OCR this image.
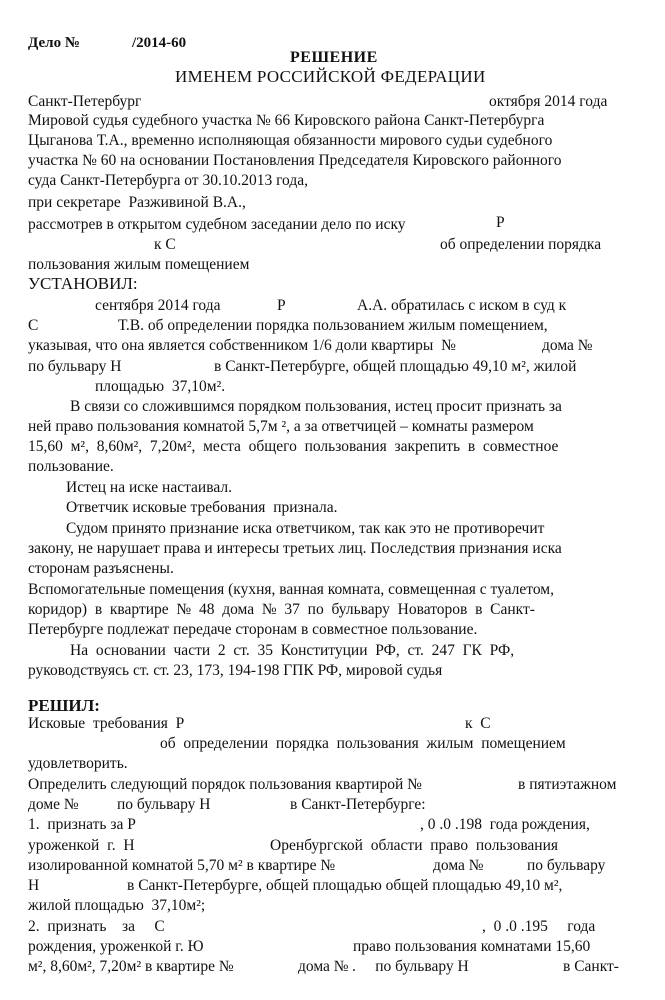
Дело №	/2014-60
РЕШЕНИЕ
ИМЕНЕМ РОССИЙСКОЙ ФЕДЕРАЦИИ
Санкт-Петербург	октября 2014 года
Мировой судья судебного участка № 66 Кировского района Санкт-Петербурга
Цыганова Т.А., временно исполняющая обязанности мирового судьи судебного
участка № 60 на основании Постановления Председателя Кировского районного
суда Санкт-Петербурга от 30.10.2013 года,
при секретаре  Разживиной В.А.,
рассмотрев в открытом судебном заседании дело по иску	Р
к С	об определении порядка
пользования жилым помещением
УСТАНОВИЛ:
сентября 2014 года	Р	А.А. обратилась с иском в суд к
С	Т.В. об определении порядка пользованием жилым помещением,
указывая, что она является собственником 1/6 доли квартиры  №	дома №
по бульвару Н	в Санкт-Петербурге, общей площадью 49,10 м², жилой
площадью  37,10м².
В связи со сложившимся порядком пользования, истец просит признать за
ней право пользования комнатой 5,7м ², а за ответчицей – комнаты размером
15,60  м²,  8,60м²,  7,20м²,  места  общего  пользования  закрепить  в  совместное
пользование.
Истец на иске настаивал.
Ответчик исковые требования  признала.
Судом принято признание иска ответчиком, так как это не противоречит
закону, не нарушает права и интересы третьих лиц. Последствия признания иска
сторонам разъяснены.
Вспомогательные помещения (кухня, ванная комната, совмещенная с туалетом,
коридор)  в  квартире  №  48  дома  №  37  по  бульвару  Новаторов  в  Санкт-
Петербурге подлежат передаче сторонам в совместное пользование.
На  основании  части  2  ст.  35  Конституции  РФ,  ст.  247  ГК  РФ,
руководствуясь ст. ст. 23, 173, 194-198 ГПК РФ, мировой судья
РЕШИЛ:
Исковые  требования  Р	к  С
об  определении  порядка  пользования  жилым  помещением
удовлетворить.
Определить следующий порядок пользования квартирой №	в пятиэтажном
доме № по бульвару Н	в Санкт-Петербурге:
1.  признать за Р	, 0 .0 .198  года рождения,
уроженкой  г.  Н	Оренбургской  области  право  пользования
изолированной комнатой 5,70 м² в квартире №	дома №	по бульвару
Н	в Санкт-Петербурге, общей площадью общей площадью 49,10 м²,
жилой площадью  37,10м²;
2.  признать    за     С	,  0 .0 .195     года
рождения, уроженкой г. Ю	право пользования комнатами 15,60
м², 8,60м², 7,20м² в квартире №	дома № .     по бульвару Н	в Санкт-
